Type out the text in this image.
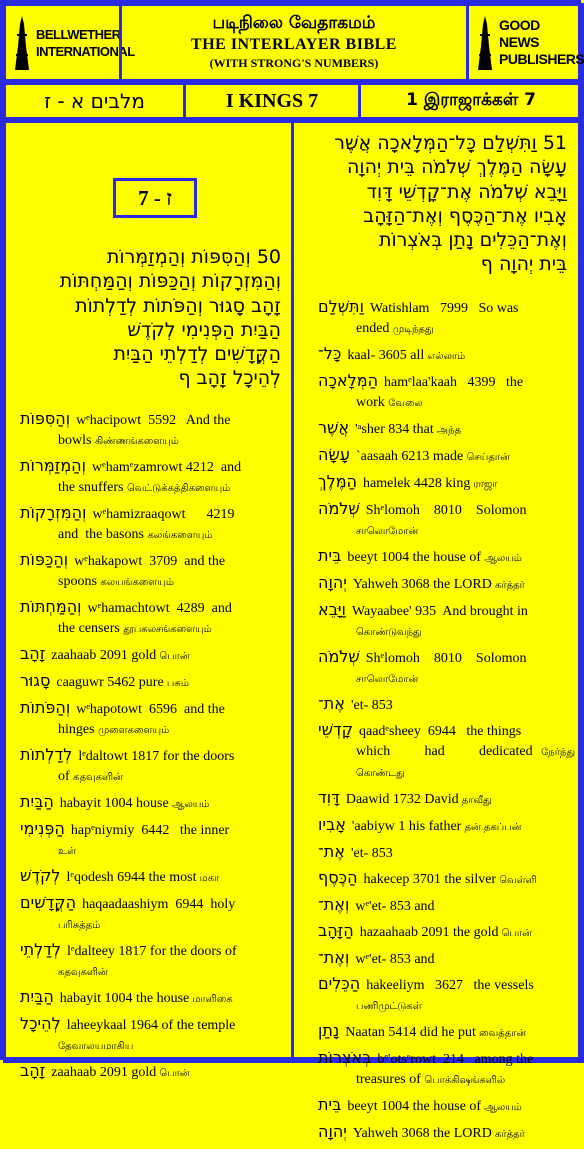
BELLWETHER
INTERNATIONAL
படிநிலை வேதாகமம்
THE INTERLAYER BIBLE
(WITH STRONG'S NUMBERS)
GOOD NEWS
PUBLISHERS
מלבים א - ז	I KINGS 7	1 இராஜாக்கள் 7
7 - ז
50 וְהַסִּפּוֹת וְהַמְזַמְּרוֹת
וְהַמִּזְרָקוֹת וְהַכַּפּוֹת וְהַמַּחְתּוֹת
זָהָב סָגוּר וְהַפֹּתוֹת לְדַלְתוֹת
הַבַּיִת הַפְּנִימִי לְקֹדֶשׁ
הַקֳּדָשִׁים לְדַלְתֵי הַבַּיִת
לְהֵיכָל זָהָב ף
וְהַסִּפּוֹת wᵉhacipowt  5592   And the
bowls கிண்ணங்களையும்
וְהַמְזַמְּרוֹת wᵉhamᵉzamrowt 4212  and
the snuffers வெட்டுக்கத்திகளையும்
וְהַמִּזְרָקוֹת wᵉhamizraaqowt      4219
and  the basons கலங்களையும்
וְהַכַּפּוֹת wᵉhakapowt  3709  and the
spoons கலயங்களையும்
וְהַמַּחְתּוֹת wᵉhamachtowt  4289  and
the censers தூபகலசங்களையும்
זָהָב zaahaab 2091 gold பொன்
סָגוּר caaguwr 5462 pure பசும்
וְהַפֹּתוֹת wᵉhapotowt  6596  and the
hinges முளைகளையும்
לְדַלְתוֹת lᵉdaltowt 1817 for the doors
of கதவுகளின்
הַבַּיִת habayit 1004 house ஆலயம்
הַפְּנִימִי hapᵉniymiy  6442   the inner
உள்
לְקֹדֶשׁ lᵉqodesh 6944 the most மகா
הַקֳּדָשִׁים haqaadaashiym  6944  holy
பரிசுத்தம்
לְדַלְתֵי lᵉdalteey 1817 for the doors of
கதவுகளின்
הַבַּיִת habayit 1004 the house மாளிகை
לְהֵיכָל laheeykaal 1964 of the temple
தேவாலயமாகிய
זָהָב zaahaab 2091 gold பொன்
51 וַתִּשְׁלַם כָּל־הַמְּלָאכָה אֲשֶׁר
עָשָׂה הַמֶּלֶךְ שְׁלֹמֹה בֵּית יְהוָה
וַיָּבֵא שְׁלֹמֹה אֶת־קָדְשֵׁי דָּוִד
אָבִיו אֶת־הַכֶּסֶף וְאֶת־הַזָּהָב
וְאֶת־הַכֵּלִים נָתַן בְּאֹצְרוֹת
בֵּית יְהוָה ף
וַתִּשְׁלַם Watishlam   7999   So was
ended முடிந்தது
כָּל־ kaal- 3605 all எல்லாம்
הַמְּלָאכָה hamᵉlaa'kaah   4399   the
work வேலை
אֲשֶׁר 'ᵃsher 834 that அந்த
עָשָׂה `aasaah 6213 made செய்தான்
הַמֶּלֶךְ hamelek 4428 king ராஜா
שְׁלֹמֹה Shᵉlomoh    8010    Solomon
சாலொமோன்
בֵּית beeyt 1004 the house of ஆலயம்
יְהוָה Yahweh 3068 the LORD கர்த்தர்
וַיָּבֵא Wayaabee' 935  And brought in
கொண்டுவந்து
שְׁלֹמֹה Shᵉlomoh    8010    Solomon
சாலொமோன்
אֶת־ 'et- 853
קָדְשֵׁי qaadᵉsheey  6944   the things
which    had    dedicated நேர்ந்து கொண்டது
דָּוִד Daawid 1732 David தாவீது
אָבִיו 'aabiyw 1 his father தன் தகப்பன்
אֶת־ 'et- 853
הַכֶּסֶף hakecep 3701 the silver வெள்ளி
וְאֶת־ wᵉ'et- 853 and
הַזָּהָב hazaahaab 2091 the gold பொன்
וְאֶת־ wᵉ'et- 853 and
הַכֵּלִים hakeeliym   3627   the vessels
பணிமுட்டுகள்
נָתַן Naatan 5414 did he put வைத்தான்
בְּאֹצְרוֹת bᵉ'otsᵉrowt  214   among the
treasures of பொக்கிஷங்களில்
בֵּית beeyt 1004 the house of ஆலயம்
יְהוָה Yahweh 3068 the LORD கர்த்தர்
